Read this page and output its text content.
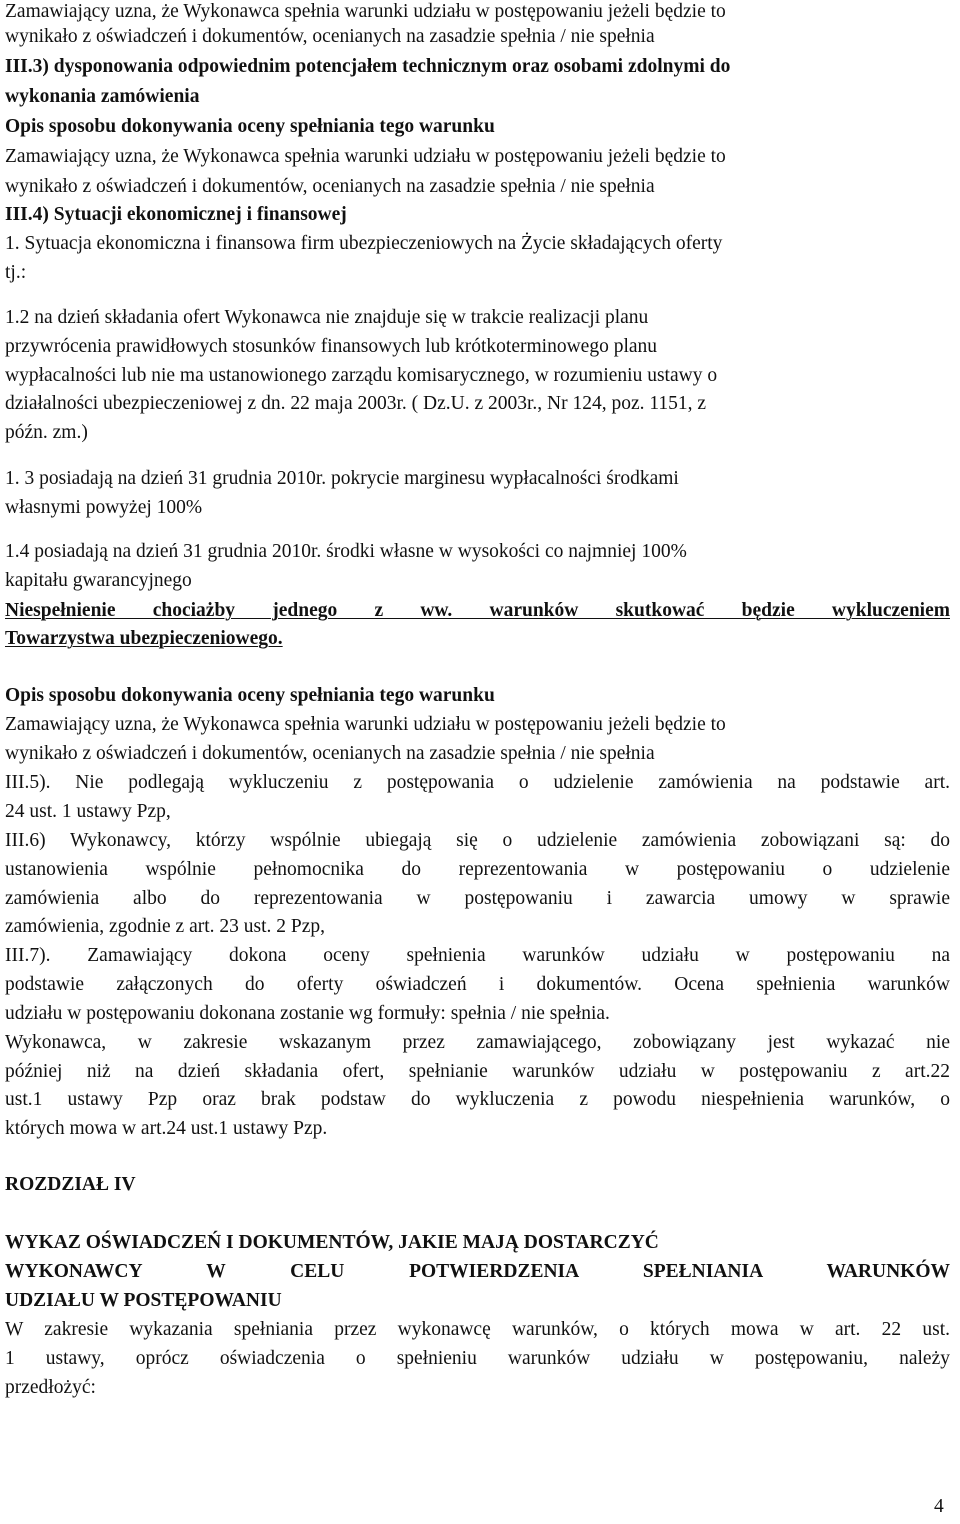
Zamawiający uzna, że Wykonawca spełnia warunki udziału w postępowaniu jeżeli będzie to
wynikało z oświadczeń i dokumentów, ocenianych na zasadzie spełnia / nie spełnia
III.3) dysponowania odpowiednim potencjałem technicznym oraz osobami zdolnymi do
wykonania zamówienia
Opis sposobu dokonywania oceny spełniania tego warunku
Zamawiający uzna, że Wykonawca spełnia warunki udziału w postępowaniu jeżeli będzie to
wynikało z oświadczeń i dokumentów, ocenianych na zasadzie spełnia / nie spełnia
III.4) Sytuacji ekonomicznej i finansowej
1. Sytuacja ekonomiczna i finansowa firm ubezpieczeniowych na Życie składających oferty
tj.:
1.2 na dzień składania ofert Wykonawca nie znajduje się w trakcie realizacji planu
przywrócenia prawidłowych stosunków finansowych lub krótkoterminowego planu
wypłacalności lub nie ma ustanowionego zarządu komisarycznego, w rozumieniu ustawy o
działalności ubezpieczeniowej z dn. 22 maja 2003r. ( Dz.U. z 2003r., Nr 124, poz. 1151, z
późn. zm.)
1. 3 posiadają na dzień 31 grudnia 2010r. pokrycie marginesu wypłacalności środkami
własnymi powyżej 100%
1.4 posiadają na dzień 31 grudnia 2010r. środki własne w wysokości co najmniej 100%
kapitału gwarancyjnego
Niespełnienie chociażby jednego z ww. warunków skutkować będzie wykluczeniem
Towarzystwa ubezpieczeniowego.
Opis sposobu dokonywania oceny spełniania tego warunku
Zamawiający uzna, że Wykonawca spełnia warunki udziału w postępowaniu jeżeli będzie to
wynikało z oświadczeń i dokumentów, ocenianych na zasadzie spełnia / nie spełnia
III.5). Nie podlegają wykluczeniu z postępowania o udzielenie zamówienia na podstawie art.
24 ust. 1 ustawy Pzp,
III.6) Wykonawcy, którzy wspólnie ubiegają się o udzielenie zamówienia zobowiązani są: do
ustanowienia wspólnie pełnomocnika do reprezentowania w postępowaniu o udzielenie
zamówienia albo do reprezentowania w postępowaniu i zawarcia umowy w sprawie
zamówienia, zgodnie z art. 23 ust. 2 Pzp,
III.7). Zamawiający dokona oceny spełnienia warunków udziału w postępowaniu na
podstawie załączonych do oferty oświadczeń i dokumentów. Ocena spełnienia warunków
udziału w postępowaniu dokonana zostanie wg formuły: spełnia / nie spełnia.
Wykonawca, w zakresie wskazanym przez zamawiającego, zobowiązany jest wykazać nie
później niż na dzień składania ofert, spełnianie warunków udziału w postępowaniu z art.22
ust.1 ustawy Pzp oraz brak podstaw do wykluczenia z powodu niespełnienia warunków, o
których mowa w art.24 ust.1 ustawy Pzp.
ROZDZIAŁ IV
WYKAZ OŚWIADCZEŃ I DOKUMENTÓW, JAKIE MAJĄ DOSTARCZYĆ
WYKONAWCY W CELU POTWIERDZENIA SPEŁNIANIA WARUNKÓW
UDZIAŁU W POSTĘPOWANIU
W zakresie wykazania spełniania przez wykonawcę warunków, o których mowa w art. 22 ust.
1 ustawy, oprócz oświadczenia o spełnieniu warunków udziału w postępowaniu, należy
przedłożyć:
4
